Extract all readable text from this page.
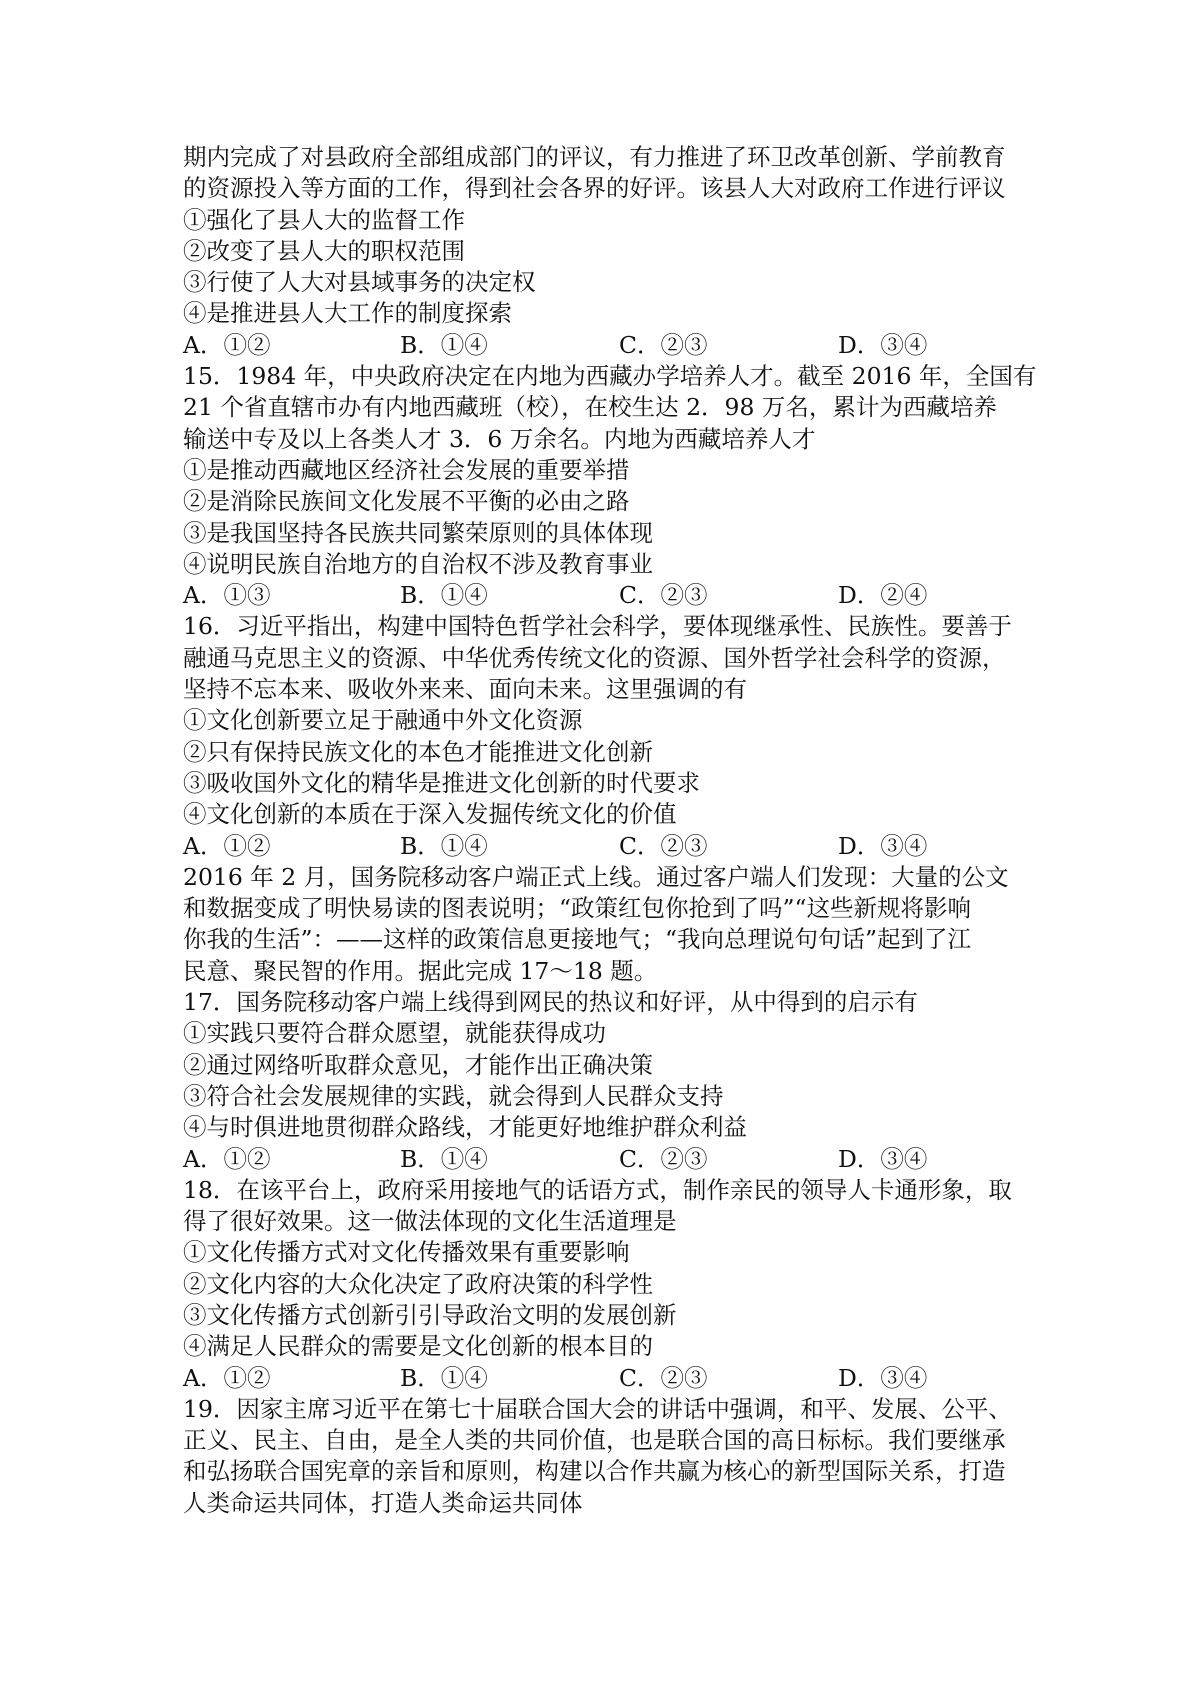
期内完成了对县政府全部组成部门的评议，有力推进了环卫改革创新、学前教育
的资源投入等方面的工作，得到社会各界的好评。该县人大对政府工作进行评议
①强化了县人大的监督工作
②改变了县人大的职权范围
③行使了人大对县域事务的决定权
④是推进县人大工作的制度探索
A．①②	B．①④	C．②③	D．③④
15．1984 年，中央政府决定在内地为西藏办学培养人才。截至 2016 年，全国有
21 个省直辖市办有内地西藏班（校），在校生达 2．98 万名，累计为西藏培养
输送中专及以上各类人才 3．6 万余名。内地为西藏培养人才
①是推动西藏地区经济社会发展的重要举措
②是消除民族间文化发展不平衡的必由之路
③是我国坚持各民族共同繁荣原则的具体体现
④说明民族自治地方的自治权不涉及教育事业
A．①③	B．①④	C．②③	D．②④
16．习近平指出，构建中国特色哲学社会科学，要体现继承性、民族性。要善于
融通马克思主义的资源、中华优秀传统文化的资源、国外哲学社会科学的资源，
坚持不忘本来、吸收外来来、面向未来。这里强调的有
①文化创新要立足于融通中外文化资源
②只有保持民族文化的本色才能推进文化创新
③吸收国外文化的精华是推进文化创新的时代要求
④文化创新的本质在于深入发掘传统文化的价值
A．①②	B．①④	C．②③	D．③④
2016 年 2 月，国务院移动客户端正式上线。通过客户端人们发现：大量的公文
和数据变成了明快易读的图表说明；“政策红包你抢到了吗”“这些新规将影响
你我的生活”：——这样的政策信息更接地气；“我向总理说句句话”起到了江
民意、聚民智的作用。据此完成 17～18 题。
17．国务院移动客户端上线得到网民的热议和好评，从中得到的启示有
①实践只要符合群众愿望，就能获得成功
②通过网络听取群众意见，才能作出正确决策
③符合社会发展规律的实践，就会得到人民群众支持
④与时俱进地贯彻群众路线，才能更好地维护群众利益
A．①②	B．①④	C．②③	D．③④
18．在该平台上，政府采用接地气的话语方式，制作亲民的领导人卡通形象，取
得了很好效果。这一做法体现的文化生活道理是
①文化传播方式对文化传播效果有重要影响
②文化内容的大众化决定了政府决策的科学性
③文化传播方式创新引引导政治文明的发展创新
④满足人民群众的需要是文化创新的根本目的
A．①②	B．①④	C．②③	D．③④
19．因家主席习近平在第七十届联合国大会的讲话中强调，和平、发展、公平、
正义、民主、自由，是全人类的共同价值，也是联合国的高日标标。我们要继承
和弘扬联合国宪章的亲旨和原则，构建以合作共赢为核心的新型国际关系，打造
人类命运共同体，打造人类命运共同体
